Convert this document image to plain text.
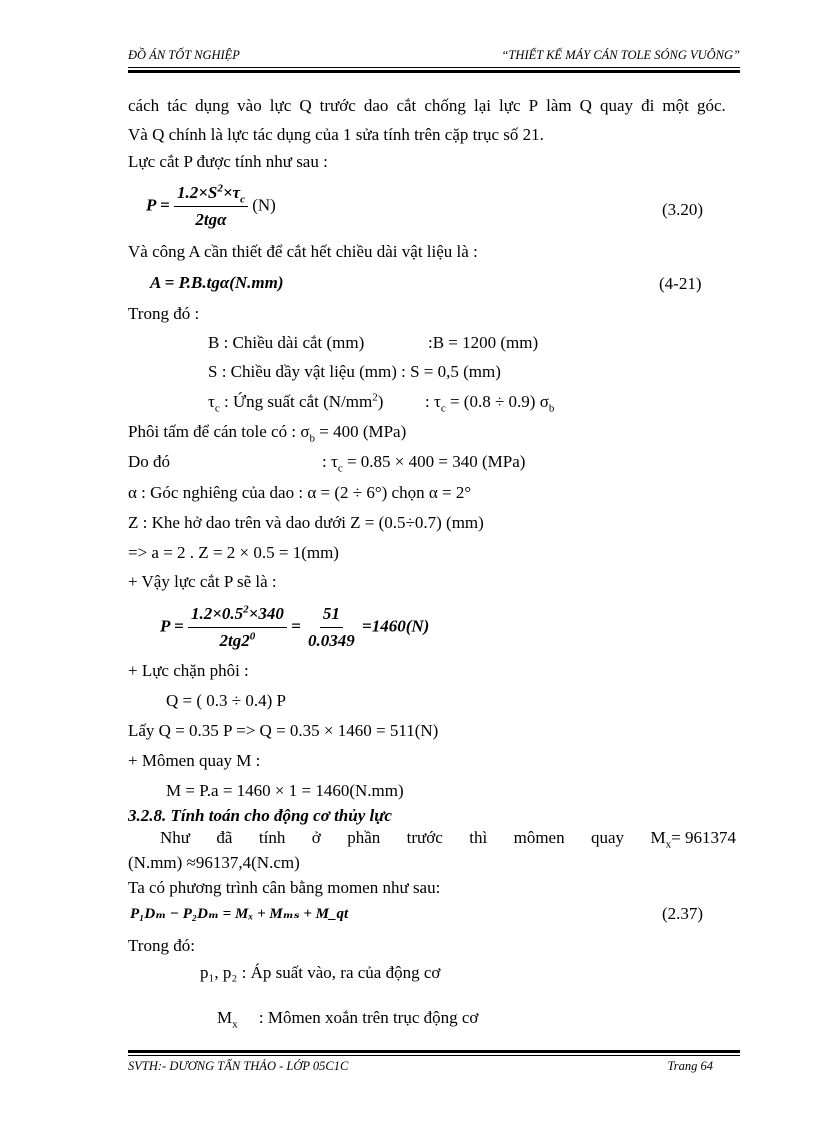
ĐỒ ÁN TỐT NGHIỆP	“THIẾT KẾ MÁY CÁN TOLE SÓNG VUÔNG”
cách tác dụng vào lực Q trước dao cắt chống lại lực P làm Q quay đi một góc.
Và Q chính là lực tác dụng của 1 sửa tính trên cặp trục số 21.
Lực cắt P được tính như sau :
$P = \frac{1.2\times S^2\times\tau_c}{\text{2tgα}} (N)$	(3.20)
Và công A cần thiết để cắt hết chiều dài vật liệu là :
A = P.B.tgα(N.mm)	(4-21)
Trong đó :
B : Chiều dài cắt (mm)	:B = 1200 (mm)
S : Chiều dầy vật liệu (mm) : S = 0,5 (mm)
$\tau_c$ : Ứng suất cắt $(N/mm^2)$ : $\tau_c = (0.8 \div 0.9)$ $\sigma_b$
Phôi tấm để cán tole có : $\sigma_b = 400$ (MPa)
Do đó	: $\tau_c = 0.85 \times 400 = 340$ (MPa)
α : Góc nghiêng của dao : α = (2 ÷ 6°) chọn α = 2°
Z : Khe hở dao trên và dao dưới Z = (0.5÷0.7) (mm)
=> a = 2 . Z = 2 × 0.5 = 1(mm)
+ Vậy lực cắt P sẽ là :
$P = \frac{1.2\times 0.5^2\times 340}{2tg2^0} = \frac{51}{0.0349} =1460(N)$
+ Lực chặn phôi :
Q = ( 0.3 ÷ 0.4) P
Lấy Q = 0.35 P => Q = 0.35 × 1460 = 511(N)
+ Mômen quay M :
M = P.a = 1460 × 1 = 1460(N.mm)
3.2.8. Tính toán cho động cơ thủy lực
Như đã tính ở phần trước thì mômen quay $M_x= 961374$
(N.mm) ≈96137,4(N.cm)
Ta có phương trình cân bằng momen như sau:
P₁Dₘ − P₂Dₘ = Mₓ + Mₘₛ + M_qt	(2.37)
Trong đó:
p₁, p₂ : Áp suất vào, ra của động cơ

$M_x$     : Mômen xoắn trên trục động cơ

SVTH:- DƯƠNG TẤN THẢO - LỚP 05C1C	Trang 64
